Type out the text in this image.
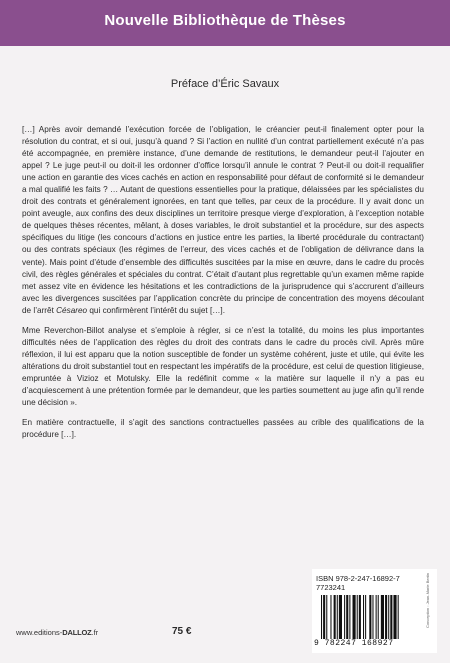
Nouvelle Bibliothèque de Thèses
Préface d’Éric Savaux

[…] Après avoir demandé l’exécution forcée de l’obligation, le créancier peut-il finalement opter pour la résolution du contrat, et si oui, jusqu’à quand ? Si l’action en nullité d’un contrat partiellement exécuté n’a pas été accompagnée, en première instance, d’une demande de restitutions, le demandeur peut-il l’ajouter en appel ? Le juge peut-il ou doit-il les ordonner d’office lorsqu’il annule le contrat ? Peut-il ou doit-il requalifier une action en garantie des vices cachés en action en responsabilité pour défaut de conformité si le demandeur a mal qualifié les faits ? … Autant de questions essentielles pour la pratique, délaissées par les spécialistes du droit des contrats et généralement ignorées, en tant que telles, par ceux de la procédure. Il y avait donc un point aveugle, aux confins des deux disciplines un territoire presque vierge d’exploration, à l’exception notable de quelques thèses récentes, mêlant, à doses variables, le droit substantiel et la procédure, sur des aspects spécifiques du litige (les concours d’actions en justice entre les parties, la liberté procédurale du contractant) ou des contrats spéciaux (les régimes de l’erreur, des vices cachés et de l’obligation de délivrance dans la vente). Mais point d’étude d’ensemble des difficultés suscitées par la mise en œuvre, dans le cadre du procès civil, des règles générales et spéciales du contrat. C’était d’autant plus regrettable qu’un examen même rapide met assez vite en évidence les hésitations et les contradictions de la jurisprudence qui s’accrurent d’ailleurs avec les divergences suscitées par l’application concrète du principe de concentration des moyens découlant de l’arrêt Césareo qui confirmèrent l’intérêt du sujet […].

Mme Reverchon-Billot analyse et s’emploie à régler, si ce n’est la totalité, du moins les plus importantes difficultés nées de l’application des règles du droit des contrats dans le cadre du procès civil. Après mûre réflexion, il lui est apparu que la notion susceptible de fonder un système cohérent, juste et utile, qui évite les altérations du droit substantiel tout en respectant les impératifs de la procédure, est celui de question litigieuse, empruntée à Vizioz et Motulsky. Elle la redéfinit comme « la matière sur laquelle il n’y a pas eu d’acquiescement à une prétention formée par le demandeur, que les parties soumettent au juge afin qu’il rende une décision ».

En matière contractuelle, il s’agit des sanctions contractuelles passées au crible des qualifications de la procédure […].

ISBN 978-2-247-16892-7
7723241
9 782247 168927
Conception : Jean-Marie Bertin
www.editions-DALLOZ.fr	75 €
